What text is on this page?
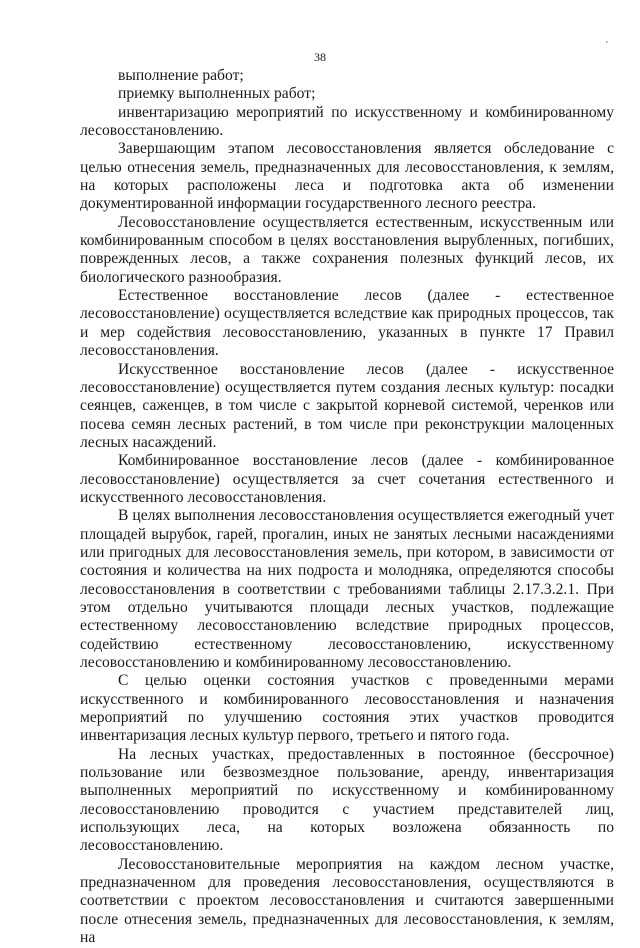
'
38

выполнение работ;

приемку выполненных работ;

инвентаризацию мероприятий по искусственному и комбинированному лесовосстановлению.

Завершающим этапом лесовосстановления является обследование с целью отнесения земель, предназначенных для лесовосстановления, к землям, на которых расположены леса и подготовка акта об изменении документированной информации государственного лесного реестра.

Лесовосстановление осуществляется естественным, искусственным или комбинированным способом в целях восстановления вырубленных, погибших, поврежденных лесов, а также сохранения полезных функций лесов, их биологического разнообразия.

Естественное восстановление лесов (далее - естественное лесовосстановление) осуществляется вследствие как природных процессов, так и мер содействия лесовосстановлению, указанных в пункте 17 Правил лесовосстановления.

Искусственное восстановление лесов (далее - искусственное лесовосстановление) осуществляется путем создания лесных культур: посадки сеянцев, саженцев, в том числе с закрытой корневой системой, черенков или посева семян лесных растений, в том числе при реконструкции малоценных лесных насаждений.

Комбинированное восстановление лесов (далее - комбинированное лесовосстановление) осуществляется за счет сочетания естественного и искусственного лесовосстановления.

В целях выполнения лесовосстановления осуществляется ежегодный учет площадей вырубок, гарей, прогалин, иных не занятых лесными насаждениями или пригодных для лесовосстановления земель, при котором, в зависимости от состояния и количества на них подроста и молодняка, определяются способы лесовосстановления в соответствии с требованиями таблицы 2.17.3.2.1. При этом отдельно учитываются площади лесных участков, подлежащие естественному лесовосстановлению вследствие природных процессов, содействию естественному лесовосстановлению, искусственному лесовосстановлению и комбинированному лесовосстановлению.

С целью оценки состояния участков с проведенными мерами искусственного и комбинированного лесовосстановления и назначения мероприятий по улучшению состояния этих участков проводится инвентаризация лесных культур первого, третьего и пятого года.

На лесных участках, предоставленных в постоянное (бессрочное) пользование или безвозмездное пользование, аренду, инвентаризация выполненных мероприятий по искусственному и комбинированному лесовосстановлению проводится с участием представителей лиц, использующих леса, на которых возложена обязанность по лесовосстановлению.

Лесовосстановительные мероприятия на каждом лесном участке, предназначенном для проведения лесовосстановления, осуществляются в соответствии с проектом лесовосстановления и считаются завершенными после отнесения земель, предназначенных для лесовосстановления, к землям, на
